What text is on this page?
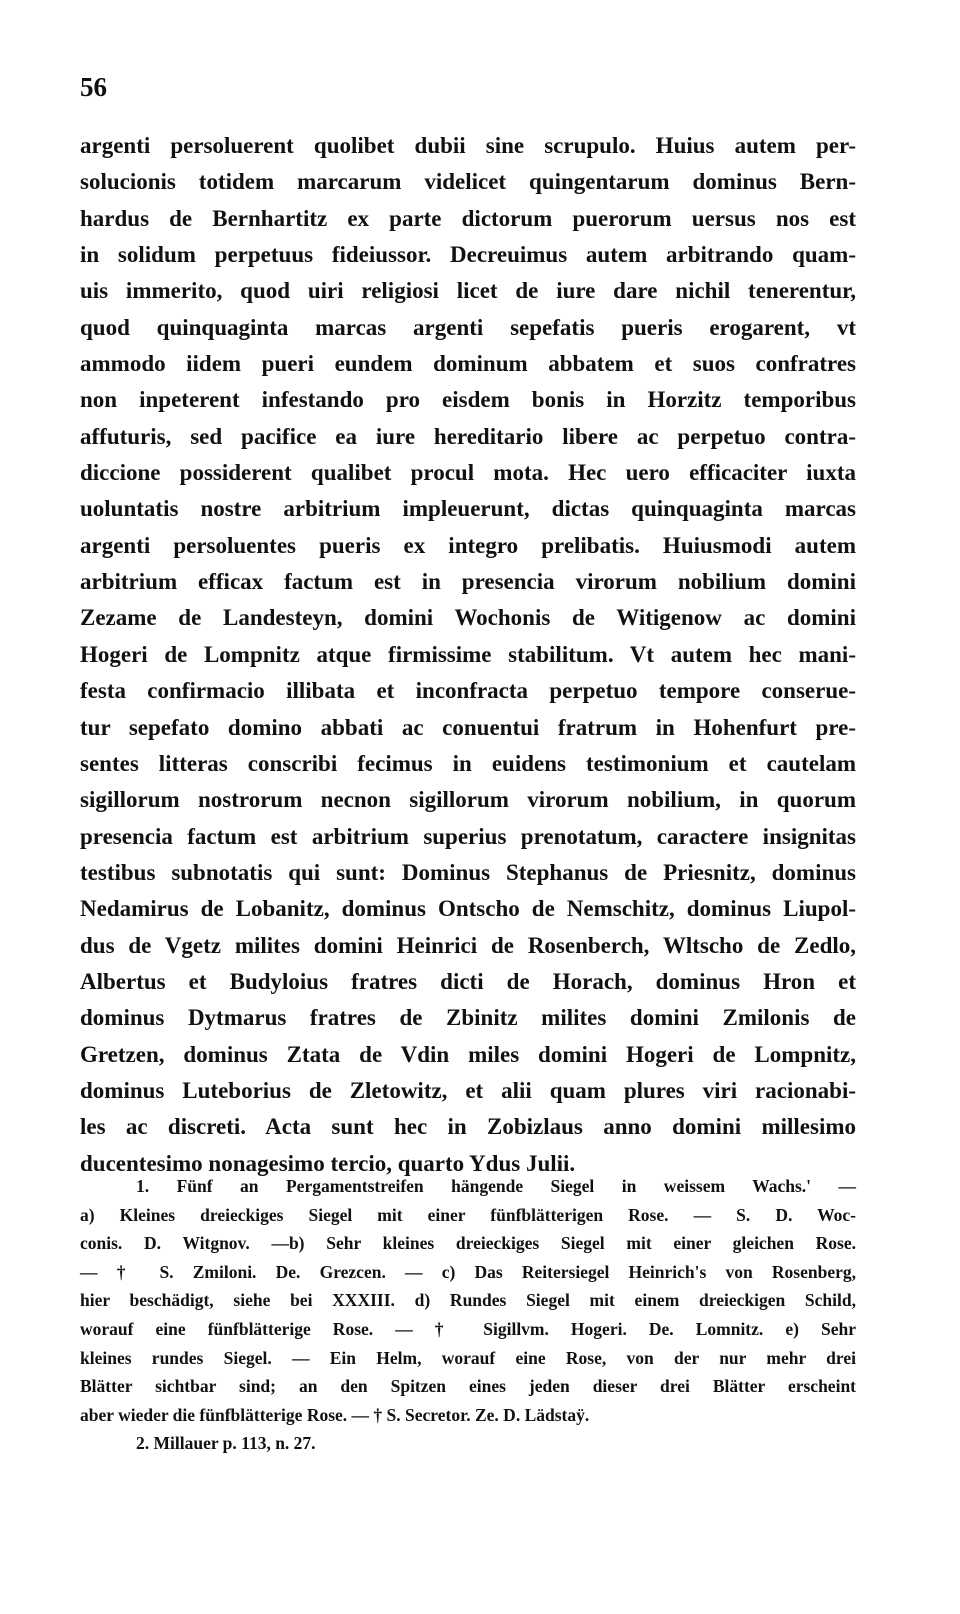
56
argenti persoluerent quolibet dubii sine scrupulo. Huius autem per-
solucionis totidem marcarum videlicet quingentarum dominus Bern-
hardus de Bernhartitz ex parte dictorum puerorum uersus nos est
in solidum perpetuus fideiussor. Decreuimus autem arbitrando quam-
uis immerito, quod uiri religiosi licet de iure dare nichil tenerentur,
quod quinquaginta marcas argenti sepefatis pueris erogarent, vt
ammodo iidem pueri eundem dominum abbatem et suos confratres
non inpeterent infestando pro eisdem bonis in Horzitz temporibus
affuturis, sed pacifice ea iure hereditario libere ac perpetuo contra-
diccione possiderent qualibet procul mota. Hec uero efficaciter iuxta
uoluntatis nostre arbitrium impleuerunt, dictas quinquaginta marcas
argenti persoluentes pueris ex integro prelibatis. Huiusmodi autem
arbitrium efficax factum est in presencia virorum nobilium domini
Zezame de Landesteyn, domini Wochonis de Witigenow ac domini
Hogeri de Lompnitz atque firmissime stabilitum. Vt autem hec mani-
festa confirmacio illibata et inconfracta perpetuo tempore conserue-
tur sepefato domino abbati ac conuentui fratrum in Hohenfurt pre-
sentes litteras conscribi fecimus in euidens testimonium et cautelam
sigillorum nostrorum necnon sigillorum virorum nobilium, in quorum
presencia factum est arbitrium superius prenotatum, caractere insignitas
testibus subnotatis qui sunt: Dominus Stephanus de Priesnitz, dominus
Nedamirus de Lobanitz, dominus Ontscho de Nemschitz, dominus Liupol-
dus de Vgetz milites domini Heinrici de Rosenberch, Wltscho de Zedlo,
Albertus et Budyloius fratres dicti de Horach, dominus Hron et
dominus Dytmarus fratres de Zbinitz milites domini Zmilonis de
Gretzen, dominus Ztata de Vdin miles domini Hogeri de Lompnitz,
dominus Luteborius de Zletowitz, et alii quam plures viri racionabi-
les ac discreti. Acta sunt hec in Zobizlaus anno domini millesimo
ducentesimo nonagesimo tercio, quarto Ydus Julii.
1. Fünf an Pergamentstreifen hängende Siegel in weissem Wachs.' —
a) Kleines dreieckiges Siegel mit einer fünfblätterigen Rose. — S. D. Woc-
conis. D. Witgnov. —b) Sehr kleines dreieckiges Siegel mit einer gleichen Rose.
— † S. Zmiloni. De. Grezcen. — c) Das Reitersiegel Heinrich's von Rosenberg,
hier beschädigt, siehe bei XXXIII. d) Rundes Siegel mit einem dreieckigen Schild,
worauf eine fünfblätterige Rose. — † Sigillvm. Hogeri. De. Lomnitz. e) Sehr
kleines rundes Siegel. — Ein Helm, worauf eine Rose, von der nur mehr drei
Blätter sichtbar sind; an den Spitzen eines jeden dieser drei Blätter erscheint
aber wieder die fünfblätterige Rose. — † S. Secretor. Ze. D. Lädstaÿ.
2. Millauer p. 113, n. 27.
